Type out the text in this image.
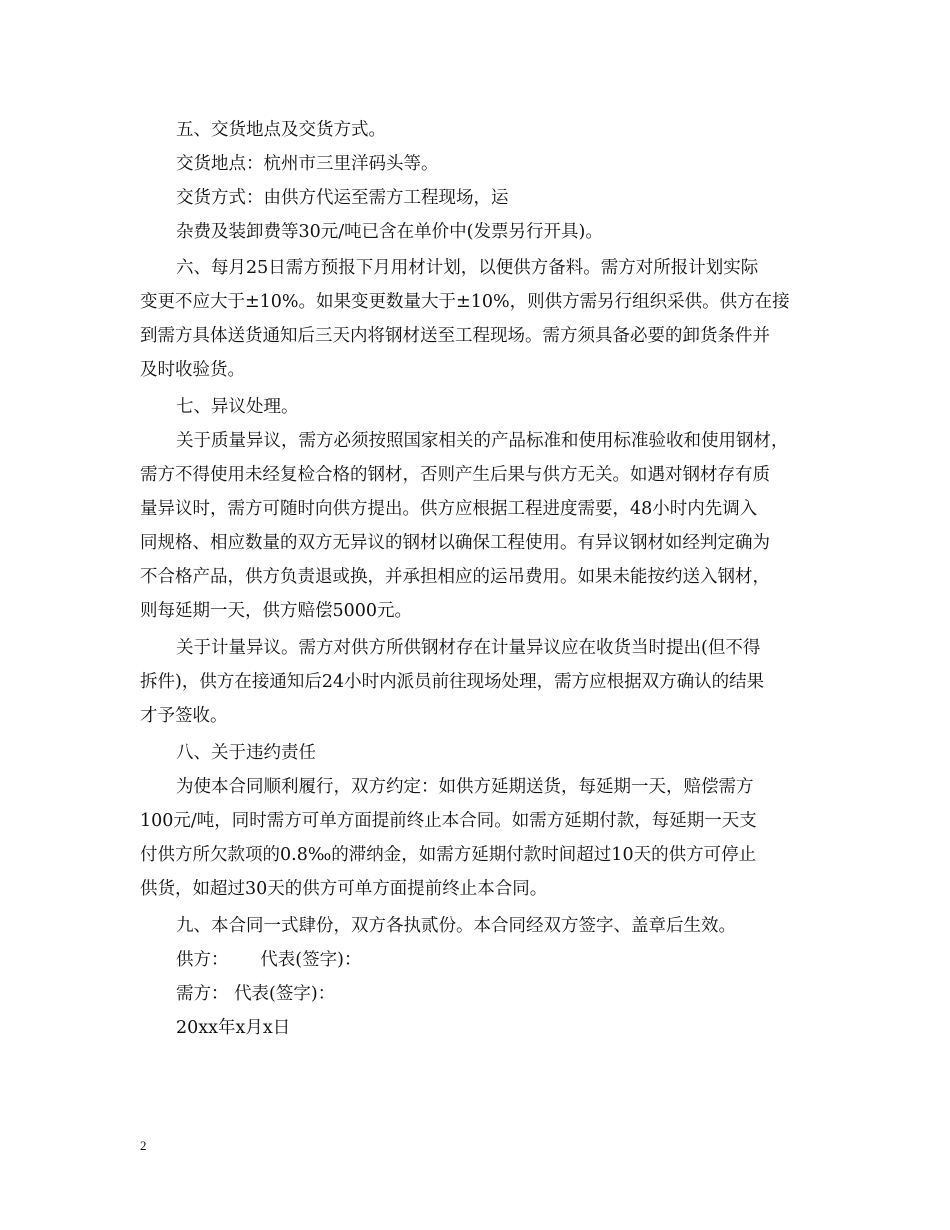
五、交货地点及交货方式。
交货地点：杭州市三里洋码头等。
交货方式：由供方代运至需方工程现场，运
杂费及装卸费等30元/吨已含在单价中(发票另行开具)。
六、每月25日需方预报下月用材计划，以便供方备料。需方对所报计划实际
变更不应大于±10%。如果变更数量大于±10%，则供方需另行组织采供。供方在接
到需方具体送货通知后三天内将钢材送至工程现场。需方须具备必要的卸货条件并
及时收验货。
七、异议处理。
关于质量异议，需方必须按照国家相关的产品标准和使用标准验收和使用钢材，
需方不得使用未经复检合格的钢材，否则产生后果与供方无关。如遇对钢材存有质
量异议时，需方可随时向供方提出。供方应根据工程进度需要，48小时内先调入
同规格、相应数量的双方无异议的钢材以确保工程使用。有异议钢材如经判定确为
不合格产品，供方负责退或换，并承担相应的运吊费用。如果未能按约送入钢材，
则每延期一天，供方赔偿5000元。
关于计量异议。需方对供方所供钢材存在计量异议应在收货当时提出(但不得
拆件)，供方在接通知后24小时内派员前往现场处理，需方应根据双方确认的结果
才予签收。
八、关于违约责任
为使本合同顺利履行，双方约定：如供方延期送货，每延期一天，赔偿需方
100元/吨，同时需方可单方面提前终止本合同。如需方延期付款，每延期一天支
付供方所欠款项的0.8‰的滞纳金，如需方延期付款时间超过10天的供方可停止
供货，如超过30天的供方可单方面提前终止本合同。
九、本合同一式肆份，双方各执贰份。本合同经双方签字、盖章后生效。
供方：　　 代表(签字)：
需方： 代表(签字)：
20xx年x月x日
2
